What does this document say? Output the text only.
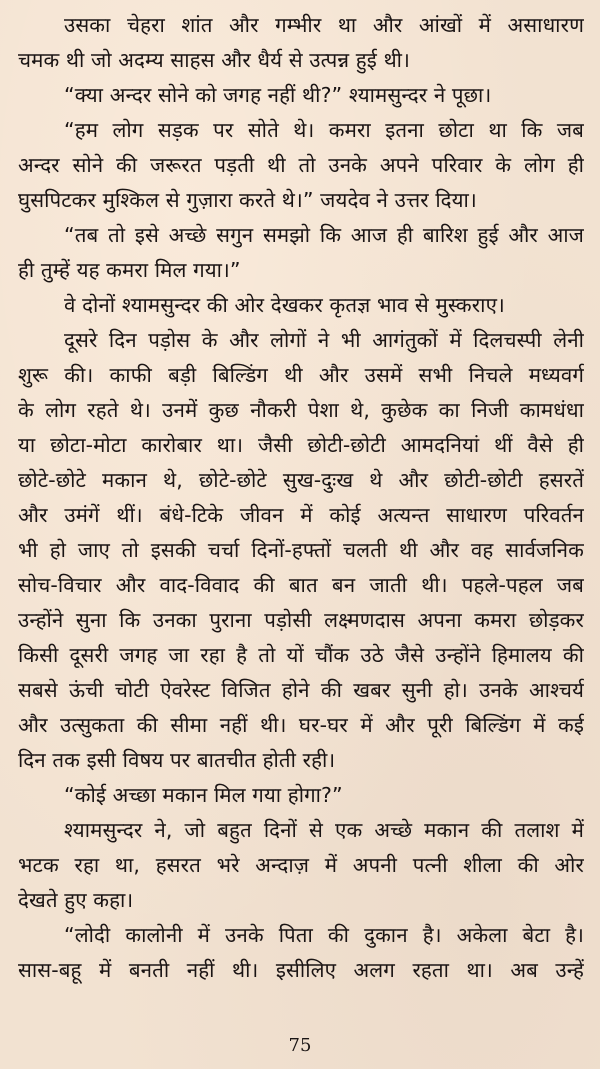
उसका चेहरा शांत और गम्भीर था और आंखों में असाधारण
चमक थी जो अदम्य साहस और धैर्य से उत्पन्न हुई थी।
“क्या अन्दर सोने को जगह नहीं थी?” श्यामसुन्दर ने पूछा।
“हम लोग सड़क पर सोते थे। कमरा इतना छोटा था कि जब
अन्दर सोने की जरूरत पड़ती थी तो उनके अपने परिवार के लोग ही
घुसपिटकर मुश्किल से गुज़ारा करते थे।” जयदेव ने उत्तर दिया।
“तब तो इसे अच्छे सगुन समझो कि आज ही बारिश हुई और आज
ही तुम्हें यह कमरा मिल गया।”
वे दोनों श्यामसुन्दर की ओर देखकर कृतज्ञ भाव से मुस्कराए।
दूसरे दिन पड़ोस के और लोगों ने भी आगंतुकों में दिलचस्पी लेनी
शुरू की। काफी बड़ी बिल्डिंग थी और उसमें सभी निचले मध्यवर्ग
के लोग रहते थे। उनमें कुछ नौकरी पेशा थे, कुछेक का निजी कामधंधा
या छोटा-मोटा कारोबार था। जैसी छोटी-छोटी आमदनियां थीं वैसे ही
छोटे-छोटे मकान थे, छोटे-छोटे सुख-दुःख थे और छोटी-छोटी हसरतें
और उमंगें थीं। बंधे-टिके जीवन में कोई अत्यन्त साधारण परिवर्तन
भी हो जाए तो इसकी चर्चा दिनों-हफ्तों चलती थी और वह सार्वजनिक
सोच-विचार और वाद-विवाद की बात बन जाती थी। पहले-पहल जब
उन्होंने सुना कि उनका पुराना पड़ोसी लक्ष्मणदास अपना कमरा छोड़कर
किसी दूसरी जगह जा रहा है तो यों चौंक उठे जैसे उन्होंने हिमालय की
सबसे ऊंची चोटी ऐवरेस्ट विजित होने की खबर सुनी हो। उनके आश्चर्य
और उत्सुकता की सीमा नहीं थी। घर-घर में और पूरी बिल्डिंग में कई
दिन तक इसी विषय पर बातचीत होती रही।
“कोई अच्छा मकान मिल गया होगा?”
श्यामसुन्दर ने, जो बहुत दिनों से एक अच्छे मकान की तलाश में
भटक रहा था, हसरत भरे अन्दाज़ में अपनी पत्नी शीला की ओर
देखते हुए कहा।
“लोदी कालोनी में उनके पिता की दुकान है। अकेला बेटा है।
सास-बहू में बनती नहीं थी। इसीलिए अलग रहता था। अब उन्हें
75
